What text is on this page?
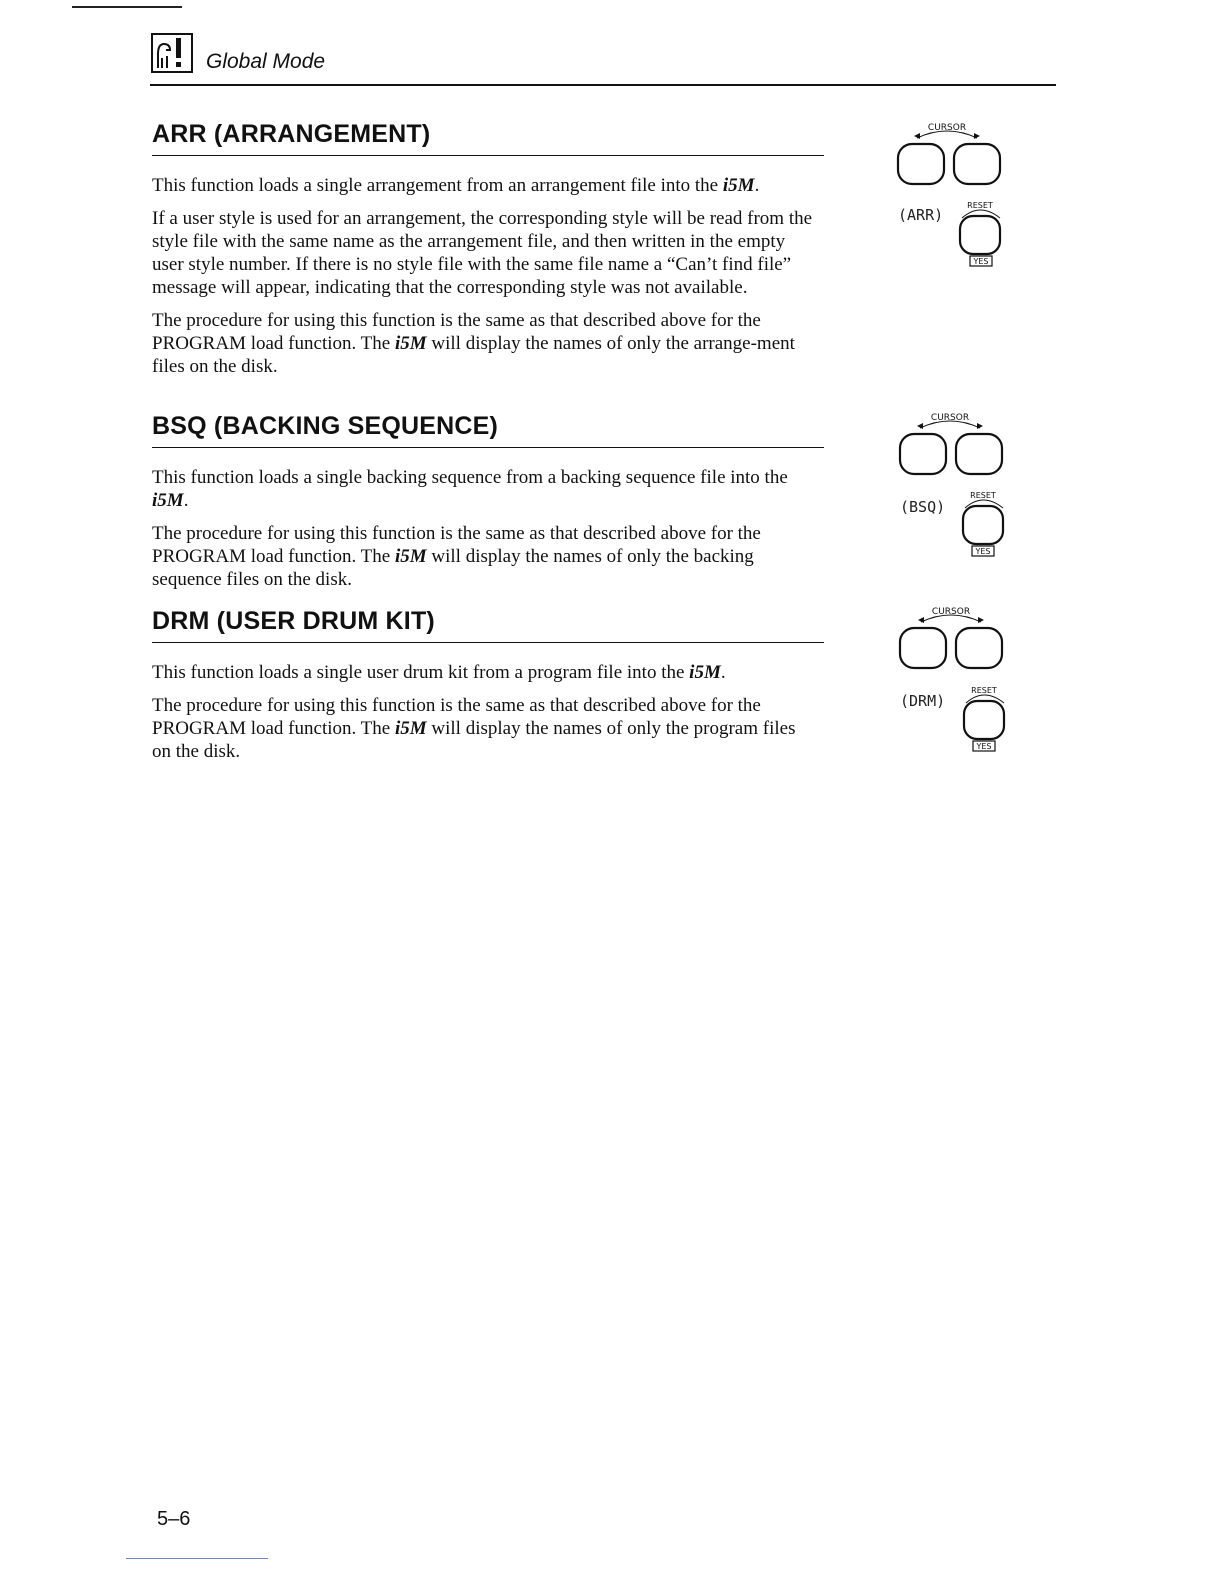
Global Mode
ARR (ARRANGEMENT)

This function loads a single arrangement from an arrangement file into the i5M.

If a user style is used for an arrangement, the corresponding style will be read from the style file with the same name as the arrangement file, and then written in the empty user style number. If there is no style file with the same file name a “Can’t find file” message will appear, indicating that the corresponding style was not available.

The procedure for using this function is the same as that described above for the PROGRAM load function. The i5M will display the names of only the arrange-ment files on the disk.

CURSOR
(ARR)
RESET
YES
BSQ (BACKING SEQUENCE)

This function loads a single backing sequence from a backing sequence file into the i5M.

The procedure for using this function is the same as that described above for the PROGRAM load function. The i5M will display the names of only the backing sequence files on the disk.

CURSOR
(BSQ)
RESET
YES
DRM (USER DRUM KIT)

This function loads a single user drum kit from a program file into the i5M.

The procedure for using this function is the same as that described above for the PROGRAM load function. The i5M will display the names of only the program files on the disk.

CURSOR
(DRM)
RESET
YES
5–6
